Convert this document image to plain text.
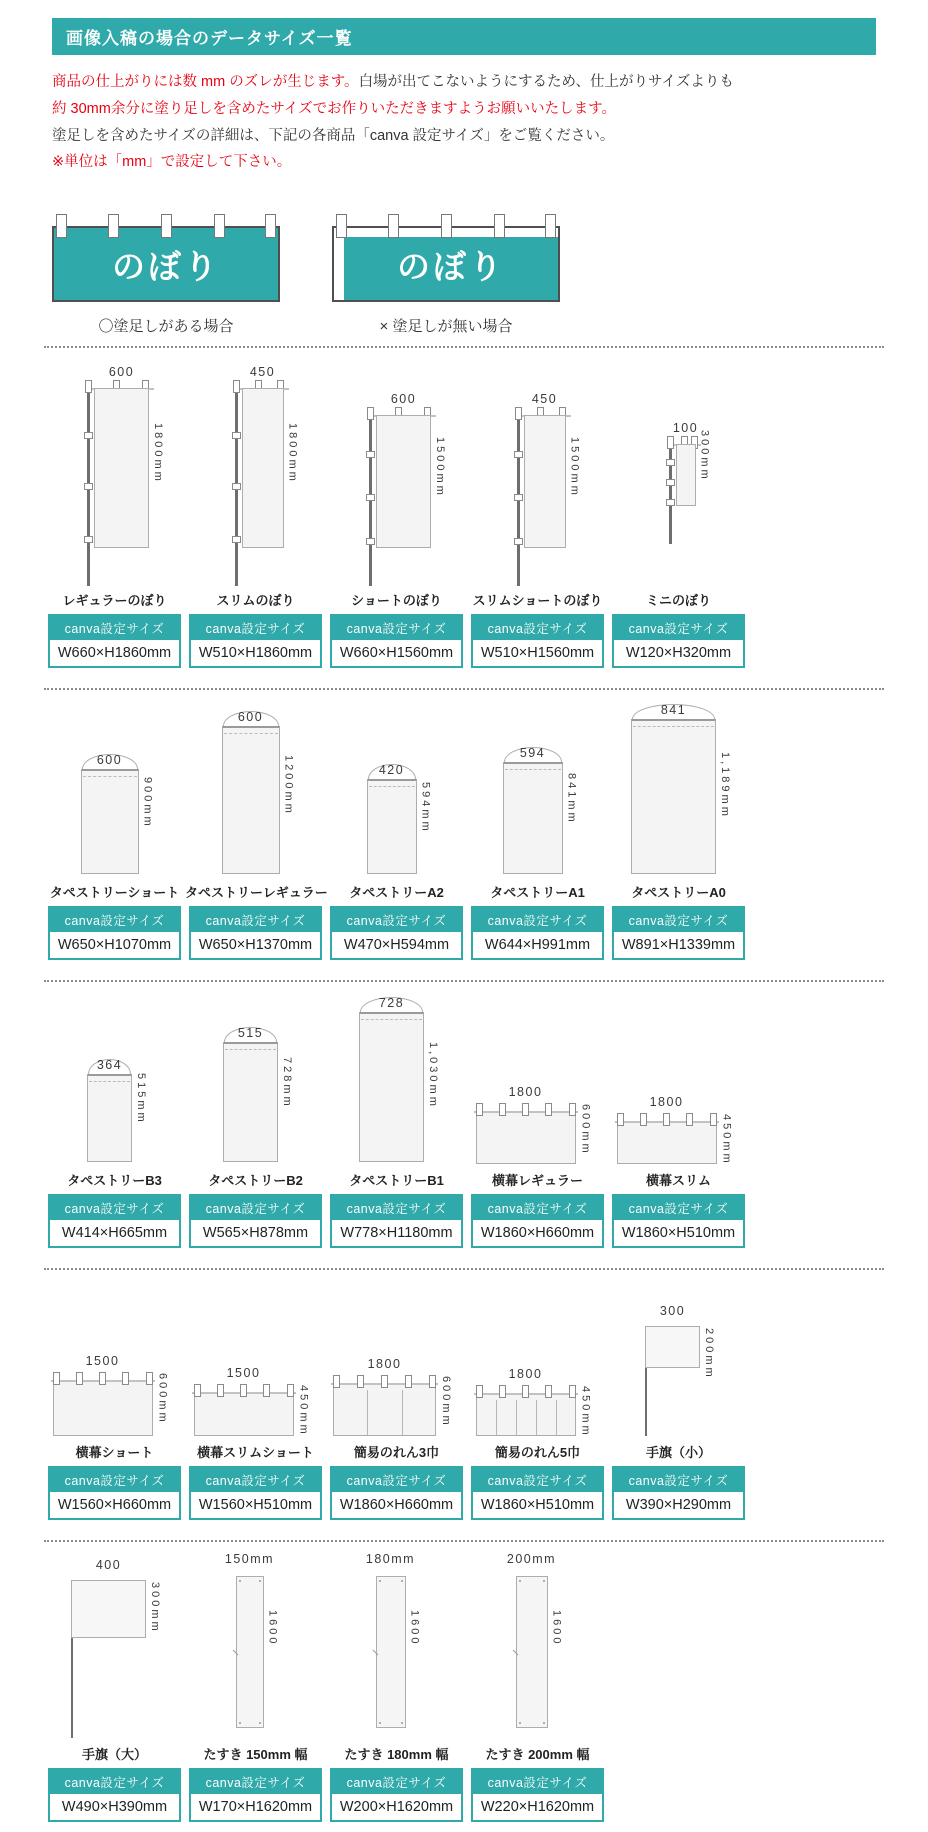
画像入稿の場合のデータサイズ一覧

商品の仕上がりには数 mm のズレが生じます。白場が出てこないようにするため、仕上がりサイズよりも

約 30mm余分に塗り足しを含めたサイズでお作りいただきますようお願いいたします。

塗足しを含めたサイズの詳細は、下記の各商品「canva 設定サイズ」をご覧ください。

※単位は「mm」で設定して下さい。

のぼり
〇塗足しがある場合
のぼり
× 塗足しが無い場合
600
1800mm
レギュラーのぼり
canva設定サイズ
W660×H1860mm
450
1800mm
スリムのぼり
canva設定サイズ
W510×H1860mm
600
1500mm
ショートのぼり
canva設定サイズ
W660×H1560mm
450
1500mm
スリムショートのぼり
canva設定サイズ
W510×H1560mm
100
300mm
ミニのぼり
canva設定サイズ
W120×H320mm
600
900mm
タペストリーショート
canva設定サイズ
W650×H1070mm
600
1200mm
タペストリーレギュラー
canva設定サイズ
W650×H1370mm
420
594mm
タペストリーA2
canva設定サイズ
W470×H594mm
594
841mm
タペストリーA1
canva設定サイズ
W644×H991mm
841
1,189mm
タペストリーA0
canva設定サイズ
W891×H1339mm
364
515mm
タペストリーB3
canva設定サイズ
W414×H665mm
515
728mm
タペストリーB2
canva設定サイズ
W565×H878mm
728
1,030mm
タペストリーB1
canva設定サイズ
W778×H1180mm
1800
600mm
横幕レギュラー
canva設定サイズ
W1860×H660mm
1800
450mm
横幕スリム
canva設定サイズ
W1860×H510mm
1500
600mm
横幕ショート
canva設定サイズ
W1560×H660mm
1500
450mm
横幕スリムショート
canva設定サイズ
W1560×H510mm
1800
600mm
簡易のれん3巾
canva設定サイズ
W1860×H660mm
1800
450mm
簡易のれん5巾
canva設定サイズ
W1860×H510mm
300
200mm
手旗（小）
canva設定サイズ
W390×H290mm
400
300mm
手旗（大）
canva設定サイズ
W490×H390mm
150mm
1600
たすき 150mm 幅
canva設定サイズ
W170×H1620mm
180mm
1600
たすき 180mm 幅
canva設定サイズ
W200×H1620mm
200mm
1600
たすき 200mm 幅
canva設定サイズ
W220×H1620mm
